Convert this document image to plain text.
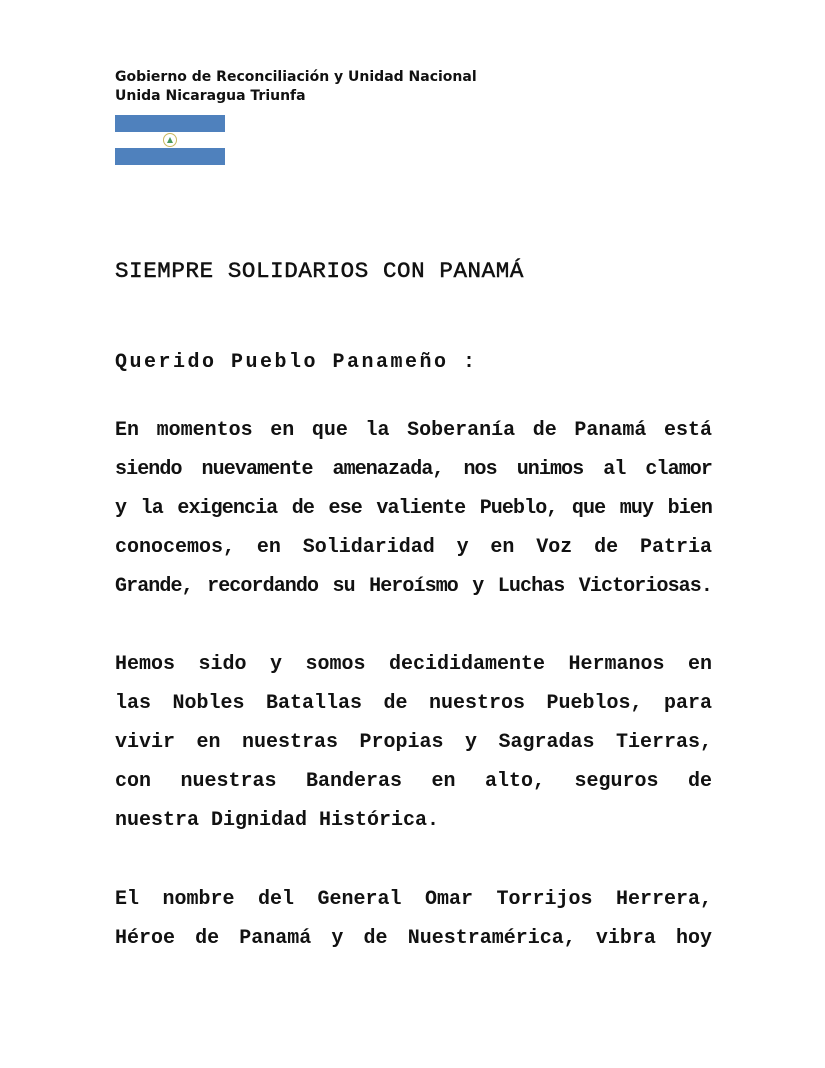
Gobierno de Reconciliación y Unidad Nacional
Unida Nicaragua Triunfa
SIEMPRE SOLIDARIOS CON PANAMÁ
Querido Pueblo Panameño :
En momentos en que la Soberanía de Panamá está
siendo nuevamente amenazada, nos unimos al clamor
y la exigencia de ese valiente Pueblo, que muy bien
conocemos, en Solidaridad y en Voz de Patria
Grande, recordando su Heroísmo y Luchas Victoriosas.
Hemos sido y somos decididamente Hermanos en
las Nobles Batallas de nuestros Pueblos, para
vivir en nuestras Propias y Sagradas Tierras,
con nuestras Banderas en alto, seguros de
nuestra Dignidad Histórica.
El nombre del General Omar Torrijos Herrera,
Héroe de Panamá y de Nuestramérica, vibra hoy
